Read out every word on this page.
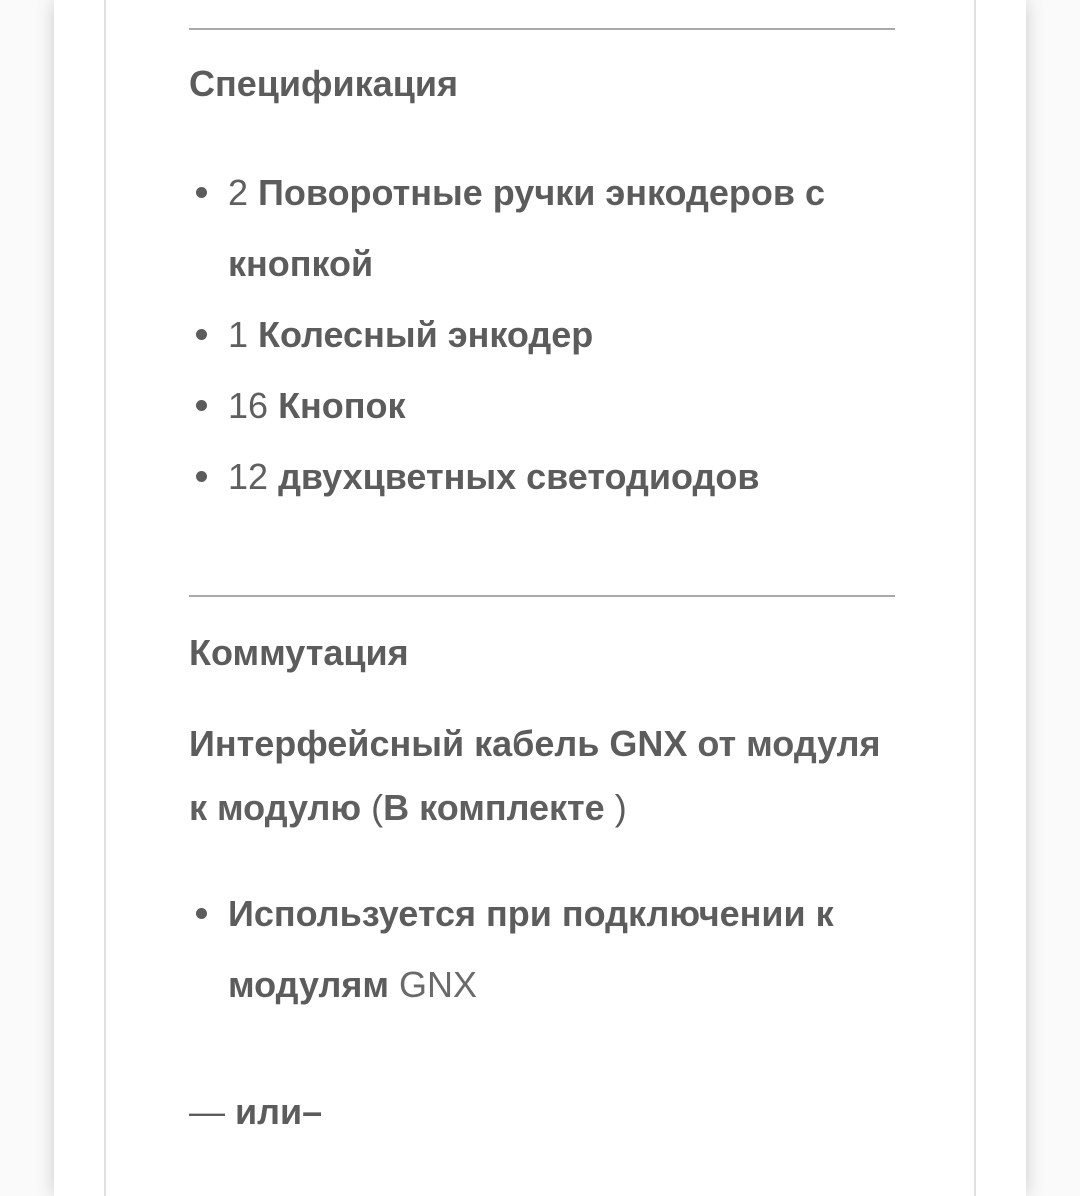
Спецификация
2 Поворотные ручки энкодеров с
кнопкой
1 Колесный энкодер
16 Кнопок
12 двухцветных светодиодов
Коммутация

Интерфейсный кабель GNX от модуля
к модулю (В комплекте )

Используется при подключении к
модулям GNX

— или–
